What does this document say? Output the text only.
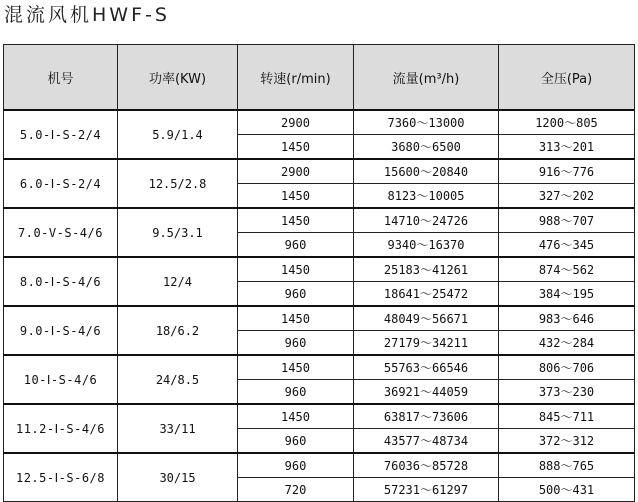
混流风机HWF-S
机号	功率(KW)	转速(r/min)	流量(m³/h)	全压(Pa)
5.0-Ⅰ-S-2/4	5.9/1.4	2900	7360～13000	1200～805
		1450	3680～6500	313～201
6.0-Ⅰ-S-2/4	12.5/2.8	2900	15600～20840	916～776
		1450	8123～10005	327～202
7.0-V-S-4/6	9.5/3.1	1450	14710～24726	988～707
		960	9340～16370	476～345
8.0-Ⅰ-S-4/6	12/4	1450	25183～41261	874～562
		960	18641～25472	384～195
9.0-Ⅰ-S-4/6	18/6.2	1450	48049～56671	983～646
		960	27179～34211	432～284
10-Ⅰ-S-4/6	24/8.5	1450	55763～66546	806～706
		960	36921～44059	373～230
11.2-Ⅰ-S-4/6	33/11	1450	63817～73606	845～711
		960	43577～48734	372～312
12.5-Ⅰ-S-6/8	30/15	960	76036～85728	888～765
		720	57231～61297	500～431
